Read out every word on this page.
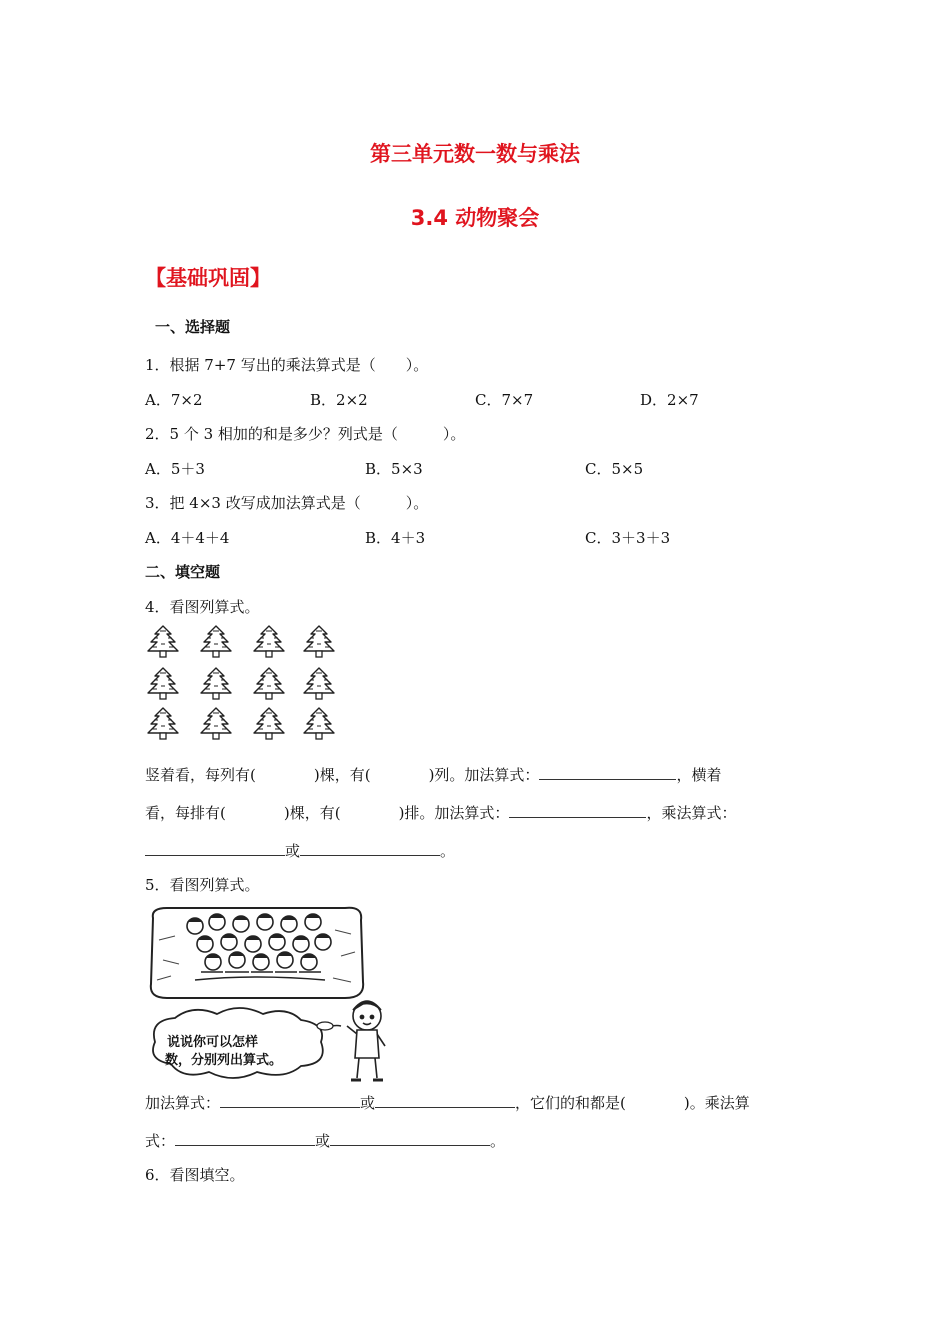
第三单元数一数与乘法
3.4 动物聚会
【基础巩固】
一、选择题
1．根据 7+7 写出的乘法算式是（　　）。
A．7×2	B．2×2	C．7×7	D．2×7
2．5 个 3 相加的和是多少？列式是（　　　）。
A．5＋3	B．5×3	C．5×5
3．把 4×3 改写成加法算式是（　　　）。
A．4＋4＋4	B．4＋3	C．3＋3＋3
二、填空题
4．看图列算式。
竖着看，每列有(	)棵，有(	)列。加法算式：	，横着
看，每排有(	)棵，有(	)排。加法算式：	，乘法算式：
或	。
5．看图列算式。
说说你可以怎样
数，分别列出算式。
加法算式：	或	，它们的和都是(	)。乘法算
式：	或	。
6．看图填空。
